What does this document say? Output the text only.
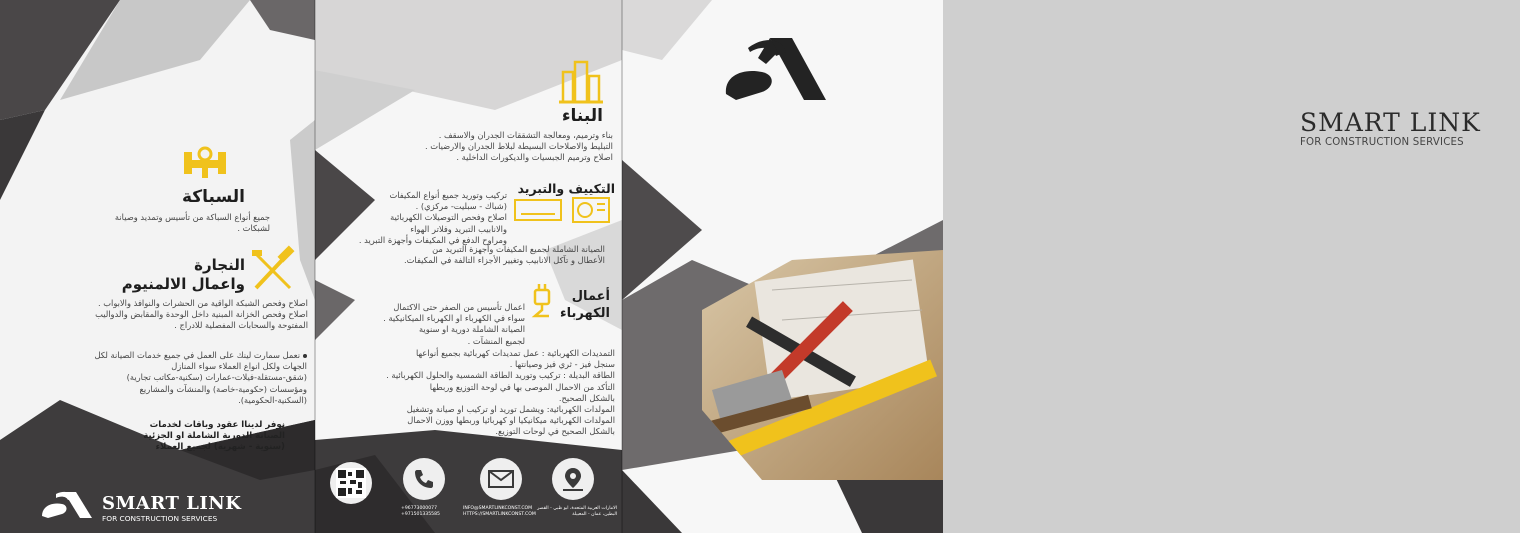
السباكة
جميع أنواع السباكة من تأسيس وتمديد وصيانة
لشبكات .
النجارة
واعمال الالمنيوم
اصلاح وفحص الشبكة الواقية من الحشرات والنوافذ والابواب .
اصلاح وفحص الخزانة المبنية داخل الوحدة والمقابض والدواليب
المفتوحة والسحابات المفصلية للادراج .
نعمل سمارت لينك على العمل في جميع خدمات الصيانة لكل
الجهات ولكل انواع العملاء سواء المنازل
(شقق-مستقلة-فيلات-عمارات (سكنية-مكاتب تجارية)
ومؤسسات (حكومية-خاصة) والمنشآت والمشاريع
(السكنية-الحكومية).
نوفر لديناا عقود وباقات لخدمات
الصيانة الدورية الشاملة او الجزئية
(سنوية - شهرية) لجميع العملاء
SMART LINK
FOR CONSTRUCTION SERVICES
البناء
بناء وترميم، ومعالجة التشققات الجدران والاسقف .
التبليط والاصلاحات البسيطة لبلاط الجدران والارضيات .
اصلاح وترميم الجبسيات والديكورات الداخلية .
التكييف والتبريد
تركيب وتوريد جميع أنواع المكيفات
(شباك - سبليت- مركزي) .
اصلاح وفحص التوصيلات الكهربائية
والانابيب التبريد وفلاتر الهواء
ومراوح الدفع في المكيفات وأجهزة التبريد .
الصيانة الشاملة لجميع المكيفات وأجهزة التبريد من
الأعطال و تآكل الانابيب وتغيير الأجزاء التالفة في المكيفات.
أعمال
الكهرباء
اعمال تأسيس من الصفر حتى الاكتمال
سواء في الكهرباء او الكهرباء الميكانيكية .
الصيانة الشاملة دورية او سنوية
لجميع المنشآت .
التمديدات الكهربائية : عمل تمديدات كهربائية بجميع أنواعها
سنجل فيز - ثري فيز وصيانتها .
الطاقة البديلة : تركيب وتوريد الطاقة الشمسية والحلول الكهربائية .
التأكد من الاحمال الموصى بها في لوحة التوزيع وربطها
بالشكل الصحيح.
المولدات الكهربائية: ويشمل توريد او تركيب او صيانة وتشغيل
المولدات الكهربائية ميكانيكيا او كهربائيا وربطها ووزن الاحمال
بالشكل الصحيح في لوحات التوزيع.
+96773000077
+971501335585
INFO@SMARTLINKCONST.COM
HTTPS://SMARTLINKCONST.COM
الامارات العربية المتحدة، ابو ظبي - القصر
البطين، عمان - المعبيلة
SMART LINK
FOR CONSTRUCTION SERVICES
